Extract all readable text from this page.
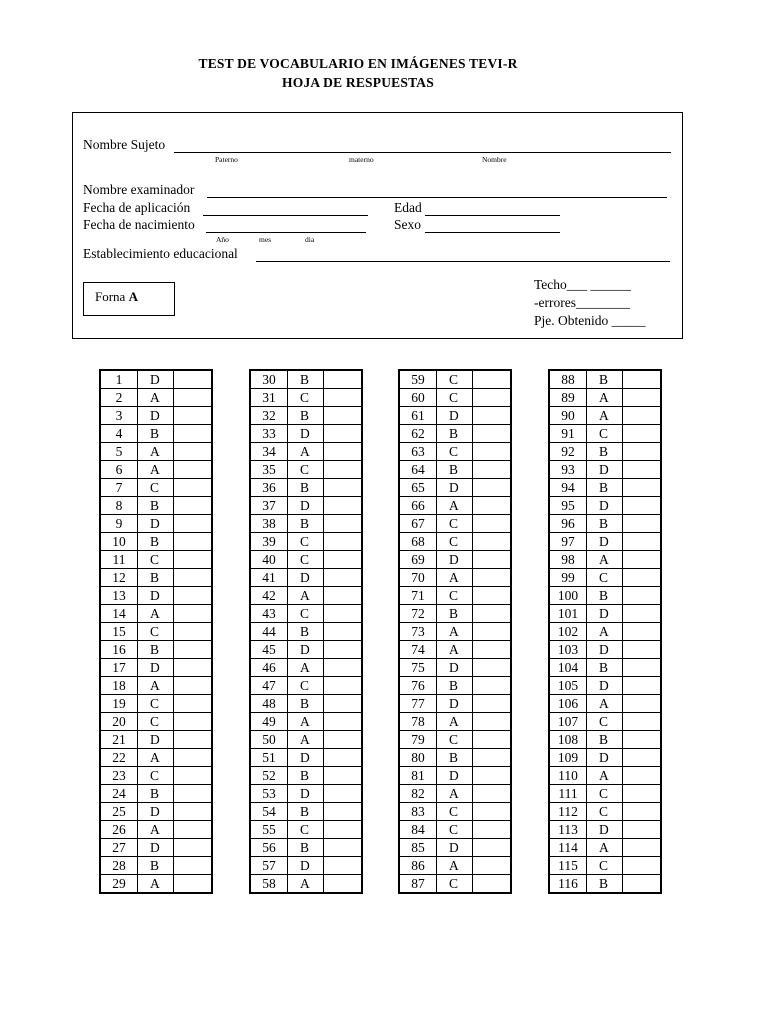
TEST DE VOCABULARIO EN IMÁGENES TEVI-R
HOJA DE RESPUESTAS
Nombre Sujeto
Paterno	materno	Nombre
Nombre examinador
Fecha de aplicación	Edad
Fecha de nacimiento	Sexo
Año	mes	dia
Establecimiento educacional
Forna A
Techo___ ______
-errores________
Pje. Obtenido _____
1	D	
2	A	
3	D	
4	B	
5	A	
6	A	
7	C	
8	B	
9	D	
10	B	
11	C	
12	B	
13	D	
14	A	
15	C	
16	B	
17	D	
18	A	
19	C	
20	C	
21	D	
22	A	
23	C	
24	B	
25	D	
26	A	
27	D	
28	B	
29	A	
30	B	
31	C	
32	B	
33	D	
34	A	
35	C	
36	B	
37	D	
38	B	
39	C	
40	C	
41	D	
42	A	
43	C	
44	B	
45	D	
46	A	
47	C	
48	B	
49	A	
50	A	
51	D	
52	B	
53	D	
54	B	
55	C	
56	B	
57	D	
58	A	
59	C	
60	C	
61	D	
62	B	
63	C	
64	B	
65	D	
66	A	
67	C	
68	C	
69	D	
70	A	
71	C	
72	B	
73	A	
74	A	
75	D	
76	B	
77	D	
78	A	
79	C	
80	B	
81	D	
82	A	
83	C	
84	C	
85	D	
86	A	
87	C	
88	B	
89	A	
90	A	
91	C	
92	B	
93	D	
94	B	
95	D	
96	B	
97	D	
98	A	
99	C	
100	B	
101	D	
102	A	
103	D	
104	B	
105	D	
106	A	
107	C	
108	B	
109	D	
110	A	
111	C	
112	C	
113	D	
114	A	
115	C	
116	B	
